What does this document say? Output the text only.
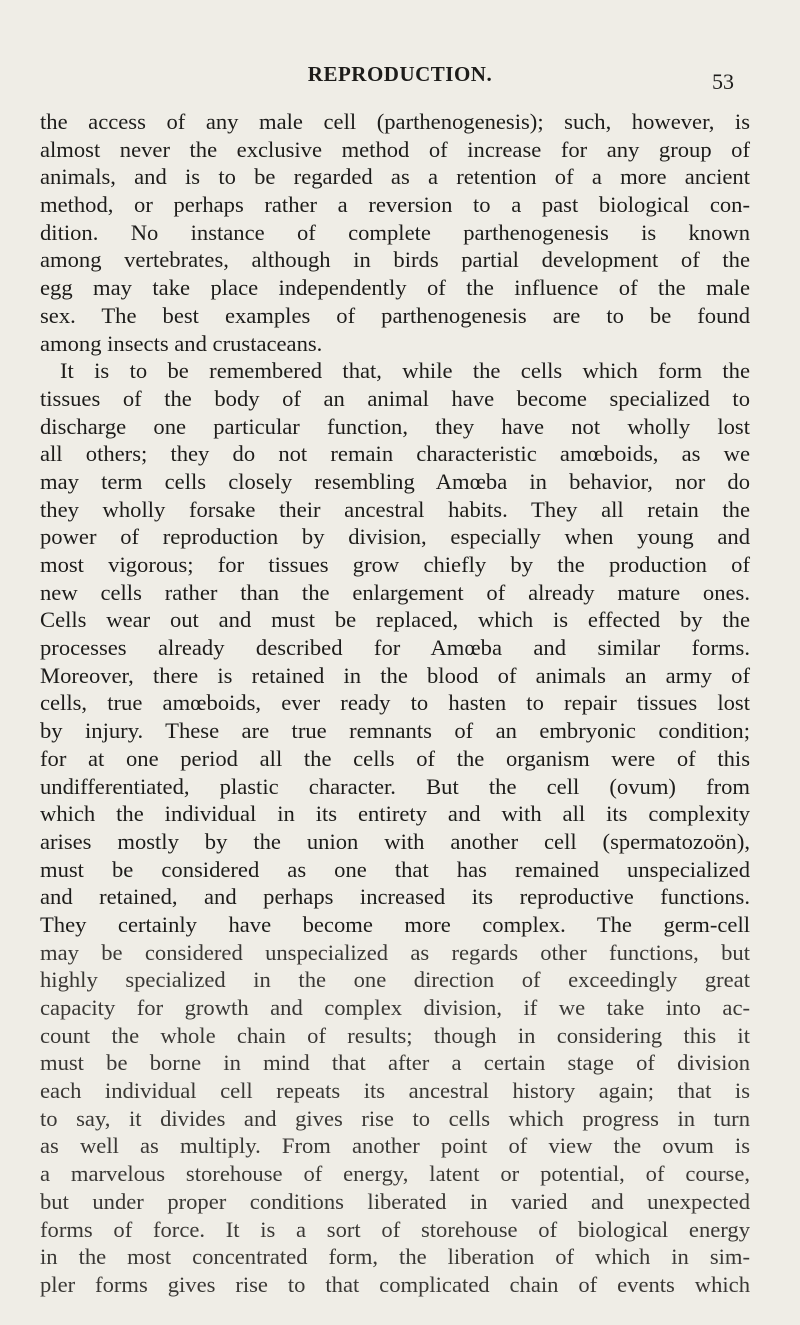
REPRODUCTION.	53
the access of any male cell (parthenogenesis); such, however, is
almost never the exclusive method of increase for any group of
animals, and is to be regarded as a retention of a more ancient
method, or perhaps rather a reversion to a past biological con-
dition. No instance of complete parthenogenesis is known
among vertebrates, although in birds partial development of the
egg may take place independently of the influence of the male
sex. The best examples of parthenogenesis are to be found
among insects and crustaceans.
It is to be remembered that, while the cells which form the
tissues of the body of an animal have become specialized to
discharge one particular function, they have not wholly lost
all others; they do not remain characteristic amœboids, as we
may term cells closely resembling Amœba in behavior, nor do
they wholly forsake their ancestral habits. They all retain the
power of reproduction by division, especially when young and
most vigorous; for tissues grow chiefly by the production of
new cells rather than the enlargement of already mature ones.
Cells wear out and must be replaced, which is effected by the
processes already described for Amœba and similar forms.
Moreover, there is retained in the blood of animals an army of
cells, true amœboids, ever ready to hasten to repair tissues lost
by injury. These are true remnants of an embryonic condition;
for at one period all the cells of the organism were of this
undifferentiated, plastic character. But the cell (ovum) from
which the individual in its entirety and with all its complexity
arises mostly by the union with another cell (spermatozoön),
must be considered as one that has remained unspecialized
and retained, and perhaps increased its reproductive functions.
They certainly have become more complex. The germ-cell
may be considered unspecialized as regards other functions, but
highly specialized in the one direction of exceedingly great
capacity for growth and complex division, if we take into ac-
count the whole chain of results; though in considering this it
must be borne in mind that after a certain stage of division
each individual cell repeats its ancestral history again; that is
to say, it divides and gives rise to cells which progress in turn
as well as multiply. From another point of view the ovum is
a marvelous storehouse of energy, latent or potential, of course,
but under proper conditions liberated in varied and unexpected
forms of force. It is a sort of storehouse of biological energy
in the most concentrated form, the liberation of which in sim-
pler forms gives rise to that complicated chain of events which
